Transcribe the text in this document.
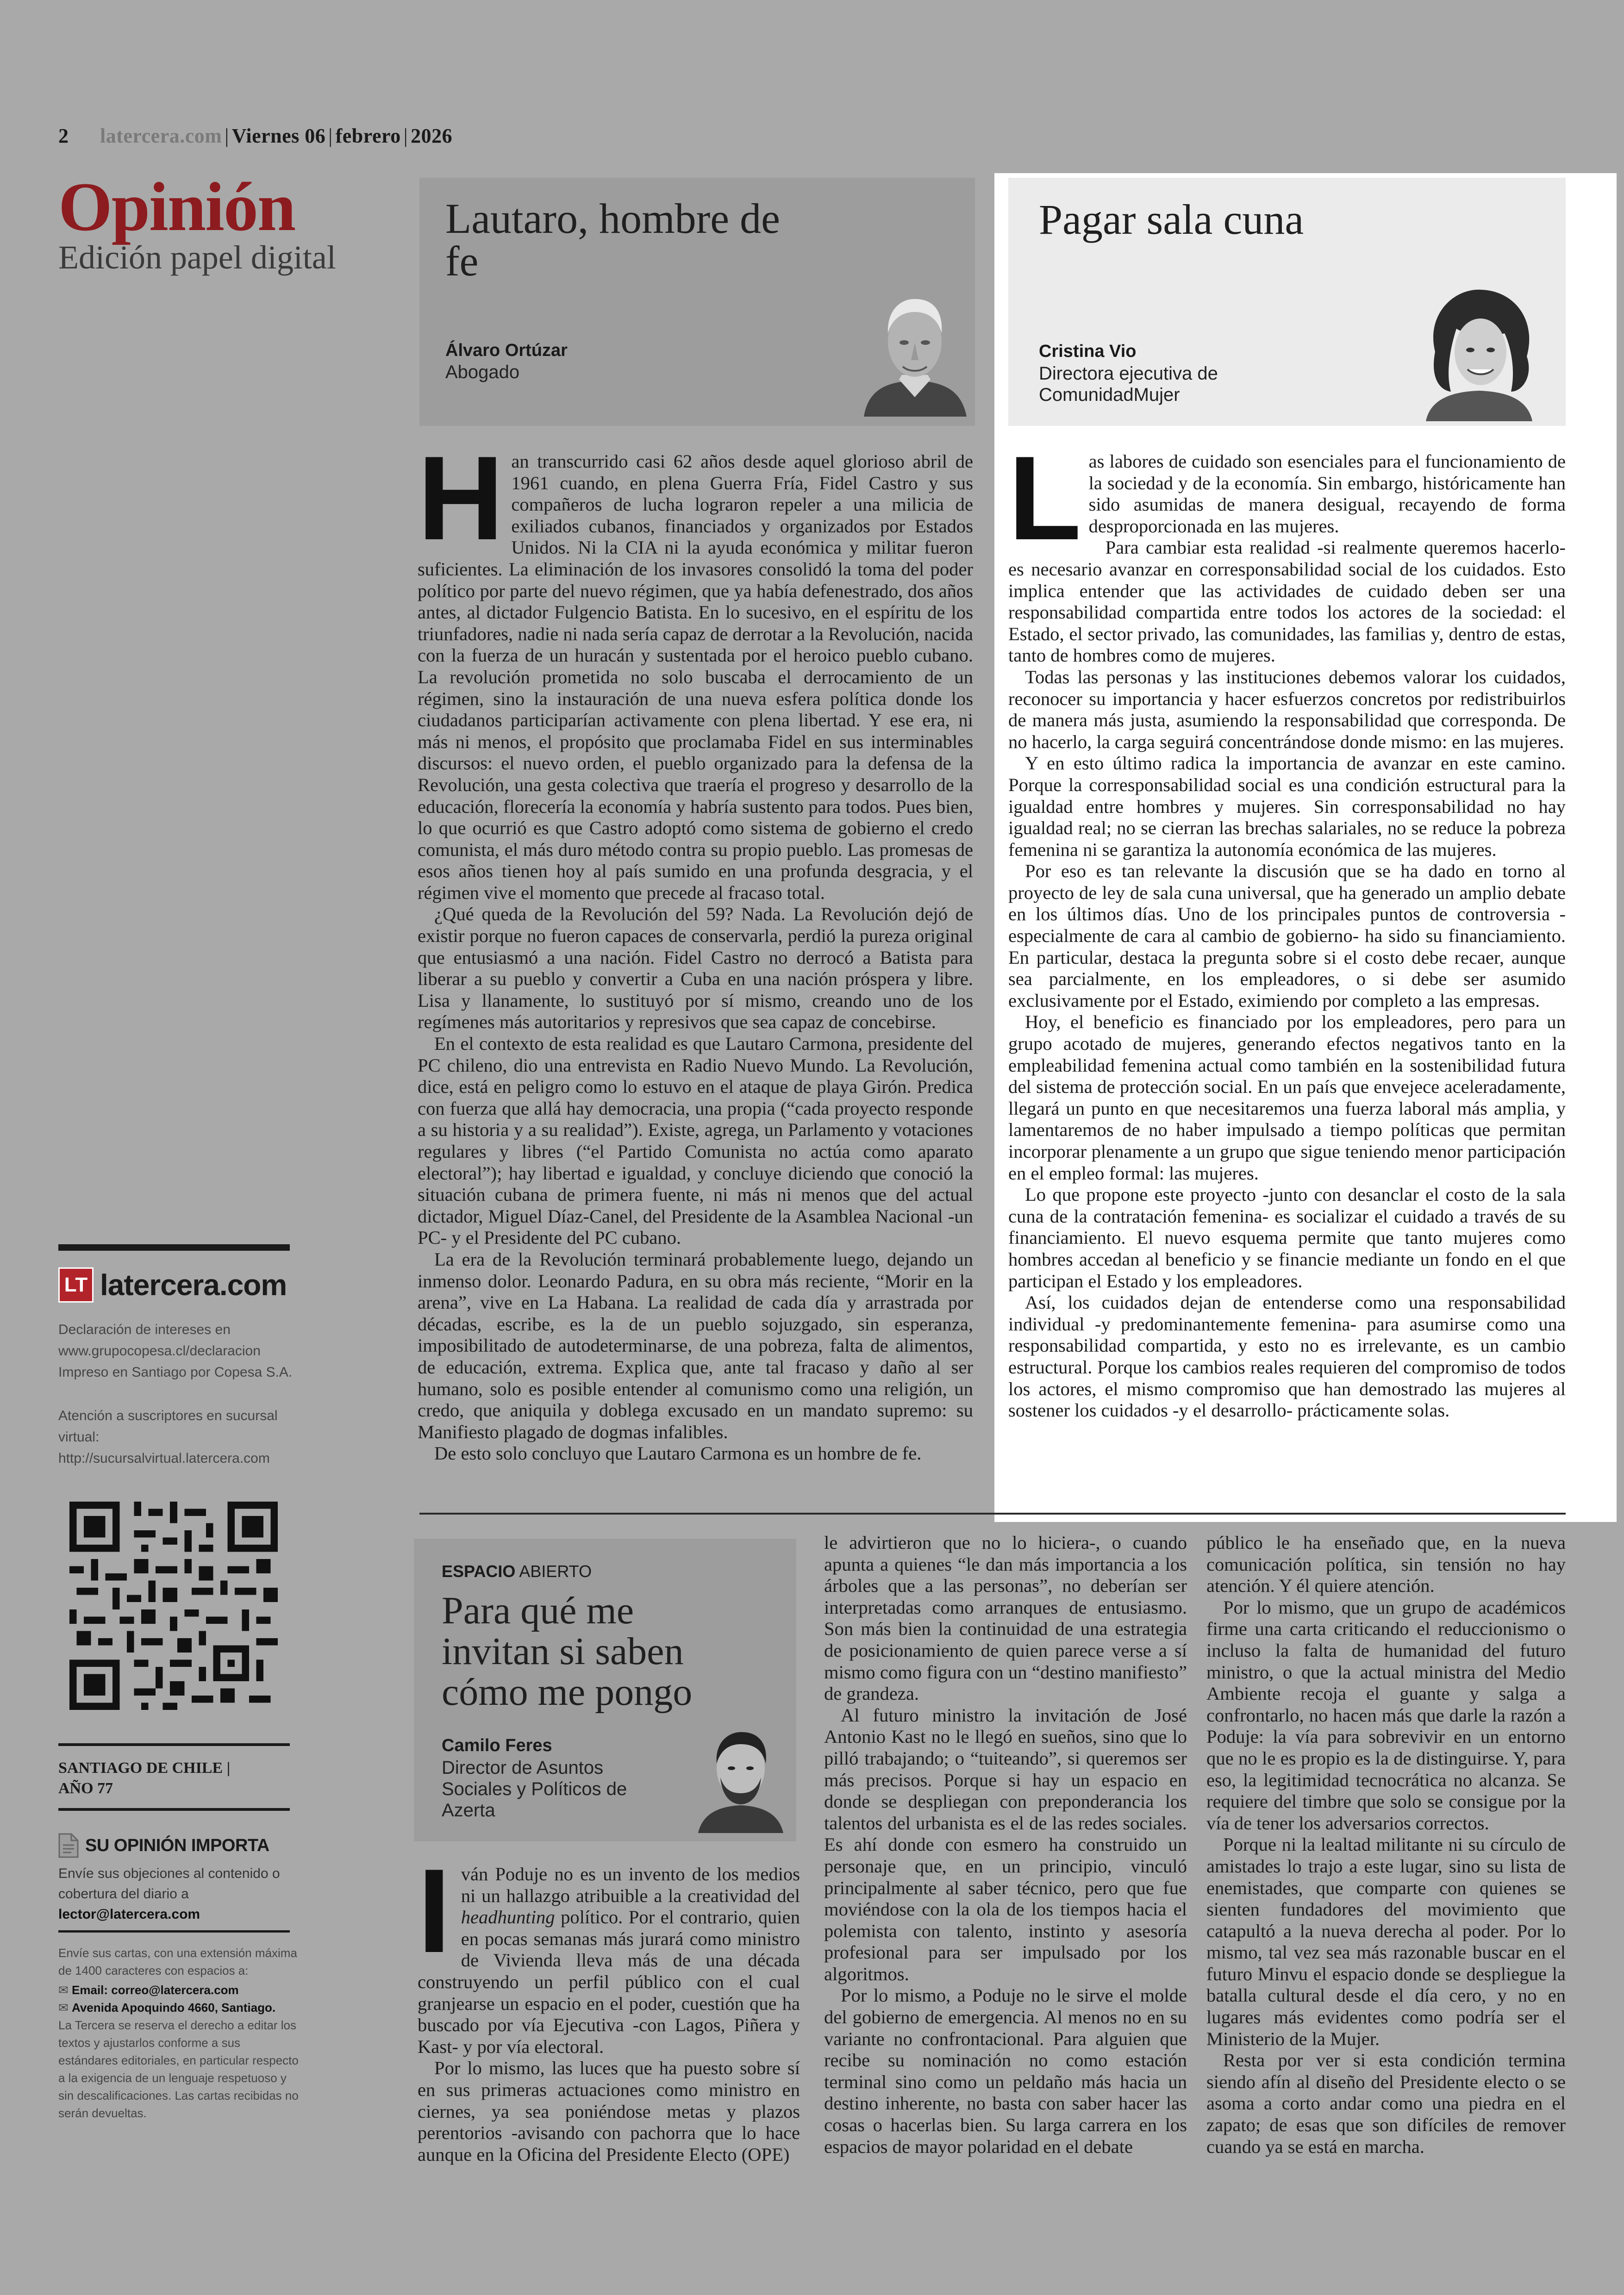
2 latercera.com | Viernes 06 | febrero | 2026
Opinión
Edición papel digital
LT latercera.com
Declaración de intereses en www.grupocopesa.cl/declaracion Impreso en Santiago por Copesa S.A.
Atención a suscriptores en sucursal virtual: http://sucursalvirtual.latercera.com
SANTIAGO DE CHILE |
AÑO 77
SU OPINIÓN IMPORTA
Envíe sus objeciones al contenido o cobertura del diario a
lector@latercera.com
Envíe sus cartas, con una extensión máxima de 1400 caracteres con espacios a:
✉ Email: correo@latercera.com
✉ Avenida Apoquindo 4660, Santiago.
La Tercera se reserva el derecho a editar los textos y ajustarlos conforme a sus estándares editoriales, en particular respecto a la exigencia de un lenguaje respetuoso y sin descalificaciones. Las cartas recibidas no serán devueltas.
Lautaro, hombre de fe
Álvaro Ortúzar
Abogado

Han transcurrido casi 62 años desde aquel glorioso abril de 1961 cuando, en plena Guerra Fría, Fidel Castro y sus compañeros de lucha lograron repeler a una milicia de exiliados cubanos, financiados y organizados por Estados Unidos. Ni la CIA ni la ayuda económica y militar fueron suficientes. La eliminación de los invasores consolidó la toma del poder político por parte del nuevo régimen, que ya había defenestrado, dos años antes, al dictador Fulgencio Batista. En lo sucesivo, en el espíritu de los triunfadores, nadie ni nada sería capaz de derrotar a la Revolución, nacida con la fuerza de un huracán y sustentada por el heroico pueblo cubano. La revolución prometida no solo buscaba el derrocamiento de un régimen, sino la instauración de una nueva esfera política donde los ciudadanos participarían activamente con plena libertad. Y ese era, ni más ni menos, el propósito que proclamaba Fidel en sus interminables discursos: el nuevo orden, el pueblo organizado para la defensa de la Revolución, una gesta colectiva que traería el progreso y desarrollo de la educación, florecería la economía y habría sustento para todos. Pues bien, lo que ocurrió es que Castro adoptó como sistema de gobierno el credo comunista, el más duro método contra su propio pueblo. Las promesas de esos años tienen hoy al país sumido en una profunda desgracia, y el régimen vive el momento que precede al fracaso total.

¿Qué queda de la Revolución del 59? Nada. La Revolución dejó de existir porque no fueron capaces de conservarla, perdió la pureza original que entusiasmó a una nación. Fidel Castro no derrocó a Batista para liberar a su pueblo y convertir a Cuba en una nación próspera y libre. Lisa y llanamente, lo sustituyó por sí mismo, creando uno de los regímenes más autoritarios y represivos que sea capaz de concebirse.

En el contexto de esta realidad es que Lautaro Carmona, presidente del PC chileno, dio una entrevista en Radio Nuevo Mundo. La Revolución, dice, está en peligro como lo estuvo en el ataque de playa Girón. Predica con fuerza que allá hay democracia, una propia (“cada proyecto responde a su historia y a su realidad”). Existe, agrega, un Parlamento y votaciones regulares y libres (“el Partido Comunista no actúa como aparato electoral”); hay libertad e igualdad, y concluye diciendo que conoció la situación cubana de primera fuente, ni más ni menos que del actual dictador, Miguel Díaz-Canel, del Presidente de la Asamblea Nacional -un PC- y el Presidente del PC cubano.

La era de la Revolución terminará probablemente luego, dejando un inmenso dolor. Leonardo Padura, en su obra más reciente, “Morir en la arena”, vive en La Habana. La realidad de cada día y arrastrada por décadas, escribe, es la de un pueblo sojuzgado, sin esperanza, imposibilitado de autodeterminarse, de una pobreza, falta de alimentos, de educación, extrema. Explica que, ante tal fracaso y daño al ser humano, solo es posible entender al comunismo como una religión, un credo, que aniquila y doblega excusado en un mandato supremo: su Manifiesto plagado de dogmas infalibles.

De esto solo concluyo que Lautaro Carmona es un hombre de fe.

Pagar sala cuna
Cristina Vio
Directora ejecutiva de ComunidadMujer

Las labores de cuidado son esenciales para el funcionamiento de la sociedad y de la economía. Sin embargo, históricamente han sido asumidas de manera desigual, recayendo de forma desproporcionada en las mujeres.

Para cambiar esta realidad -si realmente queremos hacerlo- es necesario avanzar en corresponsabilidad social de los cuidados. Esto implica entender que las actividades de cuidado deben ser una responsabilidad compartida entre todos los actores de la sociedad: el Estado, el sector privado, las comunidades, las familias y, dentro de estas, tanto de hombres como de mujeres.

Todas las personas y las instituciones debemos valorar los cuidados, reconocer su importancia y hacer esfuerzos concretos por redistribuirlos de manera más justa, asumiendo la responsabilidad que corresponda. De no hacerlo, la carga seguirá concentrándose donde mismo: en las mujeres.

Y en esto último radica la importancia de avanzar en este camino. Porque la corresponsabilidad social es una condición estructural para la igualdad entre hombres y mujeres. Sin corresponsabilidad no hay igualdad real; no se cierran las brechas salariales, no se reduce la pobreza femenina ni se garantiza la autonomía económica de las mujeres.

Por eso es tan relevante la discusión que se ha dado en torno al proyecto de ley de sala cuna universal, que ha generado un amplio debate en los últimos días. Uno de los principales puntos de controversia -especialmente de cara al cambio de gobierno- ha sido su financiamiento. En particular, destaca la pregunta sobre si el costo debe recaer, aunque sea parcialmente, en los empleadores, o si debe ser asumido exclusivamente por el Estado, eximiendo por completo a las empresas.

Hoy, el beneficio es financiado por los empleadores, pero para un grupo acotado de mujeres, generando efectos negativos tanto en la empleabilidad femenina actual como también en la sostenibilidad futura del sistema de protección social. En un país que envejece aceleradamente, llegará un punto en que necesitaremos una fuerza laboral más amplia, y lamentaremos de no haber impulsado a tiempo políticas que permitan incorporar plenamente a un grupo que sigue teniendo menor participación en el empleo formal: las mujeres.

Lo que propone este proyecto -junto con desanclar el costo de la sala cuna de la contratación femenina- es socializar el cuidado a través de su financiamiento. El nuevo esquema permite que tanto mujeres como hombres accedan al beneficio y se financie mediante un fondo en el que participan el Estado y los empleadores.

Así, los cuidados dejan de entenderse como una responsabilidad individual -y predominantemente femenina- para asumirse como una responsabilidad compartida, y esto no es irrelevante, es un cambio estructural. Porque los cambios reales requieren del compromiso de todos los actores, el mismo compromiso que han demostrado las mujeres al sostener los cuidados -y el desarrollo- prácticamente solas.

ESPACIO ABIERTO
Para qué me invitan si saben cómo me pongo
Camilo Feres
Director de Asuntos Sociales y Políticos de Azerta

Iván Poduje no es un invento de los medios ni un hallazgo atribuible a la creatividad del headhunting político. Por el contrario, quien en pocas semanas más jurará como ministro de Vivienda lleva más de una década construyendo un perfil público con el cual granjearse un espacio en el poder, cuestión que ha buscado por vía Ejecutiva -con Lagos, Piñera y Kast- y por vía electoral.

Por lo mismo, las luces que ha puesto sobre sí en sus primeras actuaciones como ministro en ciernes, ya sea poniéndose metas y plazos perentorios -avisando con pachorra que lo hace aunque en la Oficina del Presidente Electo (OPE)

le advirtieron que no lo hiciera-, o cuando apunta a quienes “le dan más importancia a los árboles que a las personas”, no deberían ser interpretadas como arranques de entusiasmo. Son más bien la continuidad de una estrategia de posicionamiento de quien parece verse a sí mismo como figura con un “destino manifiesto” de grandeza.

Al futuro ministro la invitación de José Antonio Kast no le llegó en sueños, sino que lo pilló trabajando; o “tuiteando”, si queremos ser más precisos. Porque si hay un espacio en donde se despliegan con preponderancia los talentos del urbanista es el de las redes sociales. Es ahí donde con esmero ha construido un personaje que, en un principio, vinculó principalmente al saber técnico, pero que fue moviéndose con la ola de los tiempos hacia el polemista con talento, instinto y asesoría profesional para ser impulsado por los algoritmos.

Por lo mismo, a Poduje no le sirve el molde del gobierno de emergencia. Al menos no en su variante no confrontacional. Para alguien que recibe su nominación no como estación terminal sino como un peldaño más hacia un destino inherente, no basta con saber hacer las cosas o hacerlas bien. Su larga carrera en los espacios de mayor polaridad en el debate

público le ha enseñado que, en la nueva comunicación política, sin tensión no hay atención. Y él quiere atención.

Por lo mismo, que un grupo de académicos firme una carta criticando el reduccionismo o incluso la falta de humanidad del futuro ministro, o que la actual ministra del Medio Ambiente recoja el guante y salga a confrontarlo, no hacen más que darle la razón a Poduje: la vía para sobrevivir en un entorno que no le es propio es la de distinguirse. Y, para eso, la legitimidad tecnocrática no alcanza. Se requiere del timbre que solo se consigue por la vía de tener los adversarios correctos.

Porque ni la lealtad militante ni su círculo de amistades lo trajo a este lugar, sino su lista de enemistades, que comparte con quienes se sienten fundadores del movimiento que catapultó a la nueva derecha al poder. Por lo mismo, tal vez sea más razonable buscar en el futuro Minvu el espacio donde se despliegue la batalla cultural desde el día cero, y no en lugares más evidentes como podría ser el Ministerio de la Mujer.

Resta por ver si esta condición termina siendo afín al diseño del Presidente electo o se asoma a corto andar como una piedra en el zapato; de esas que son difíciles de remover cuando ya se está en marcha.
